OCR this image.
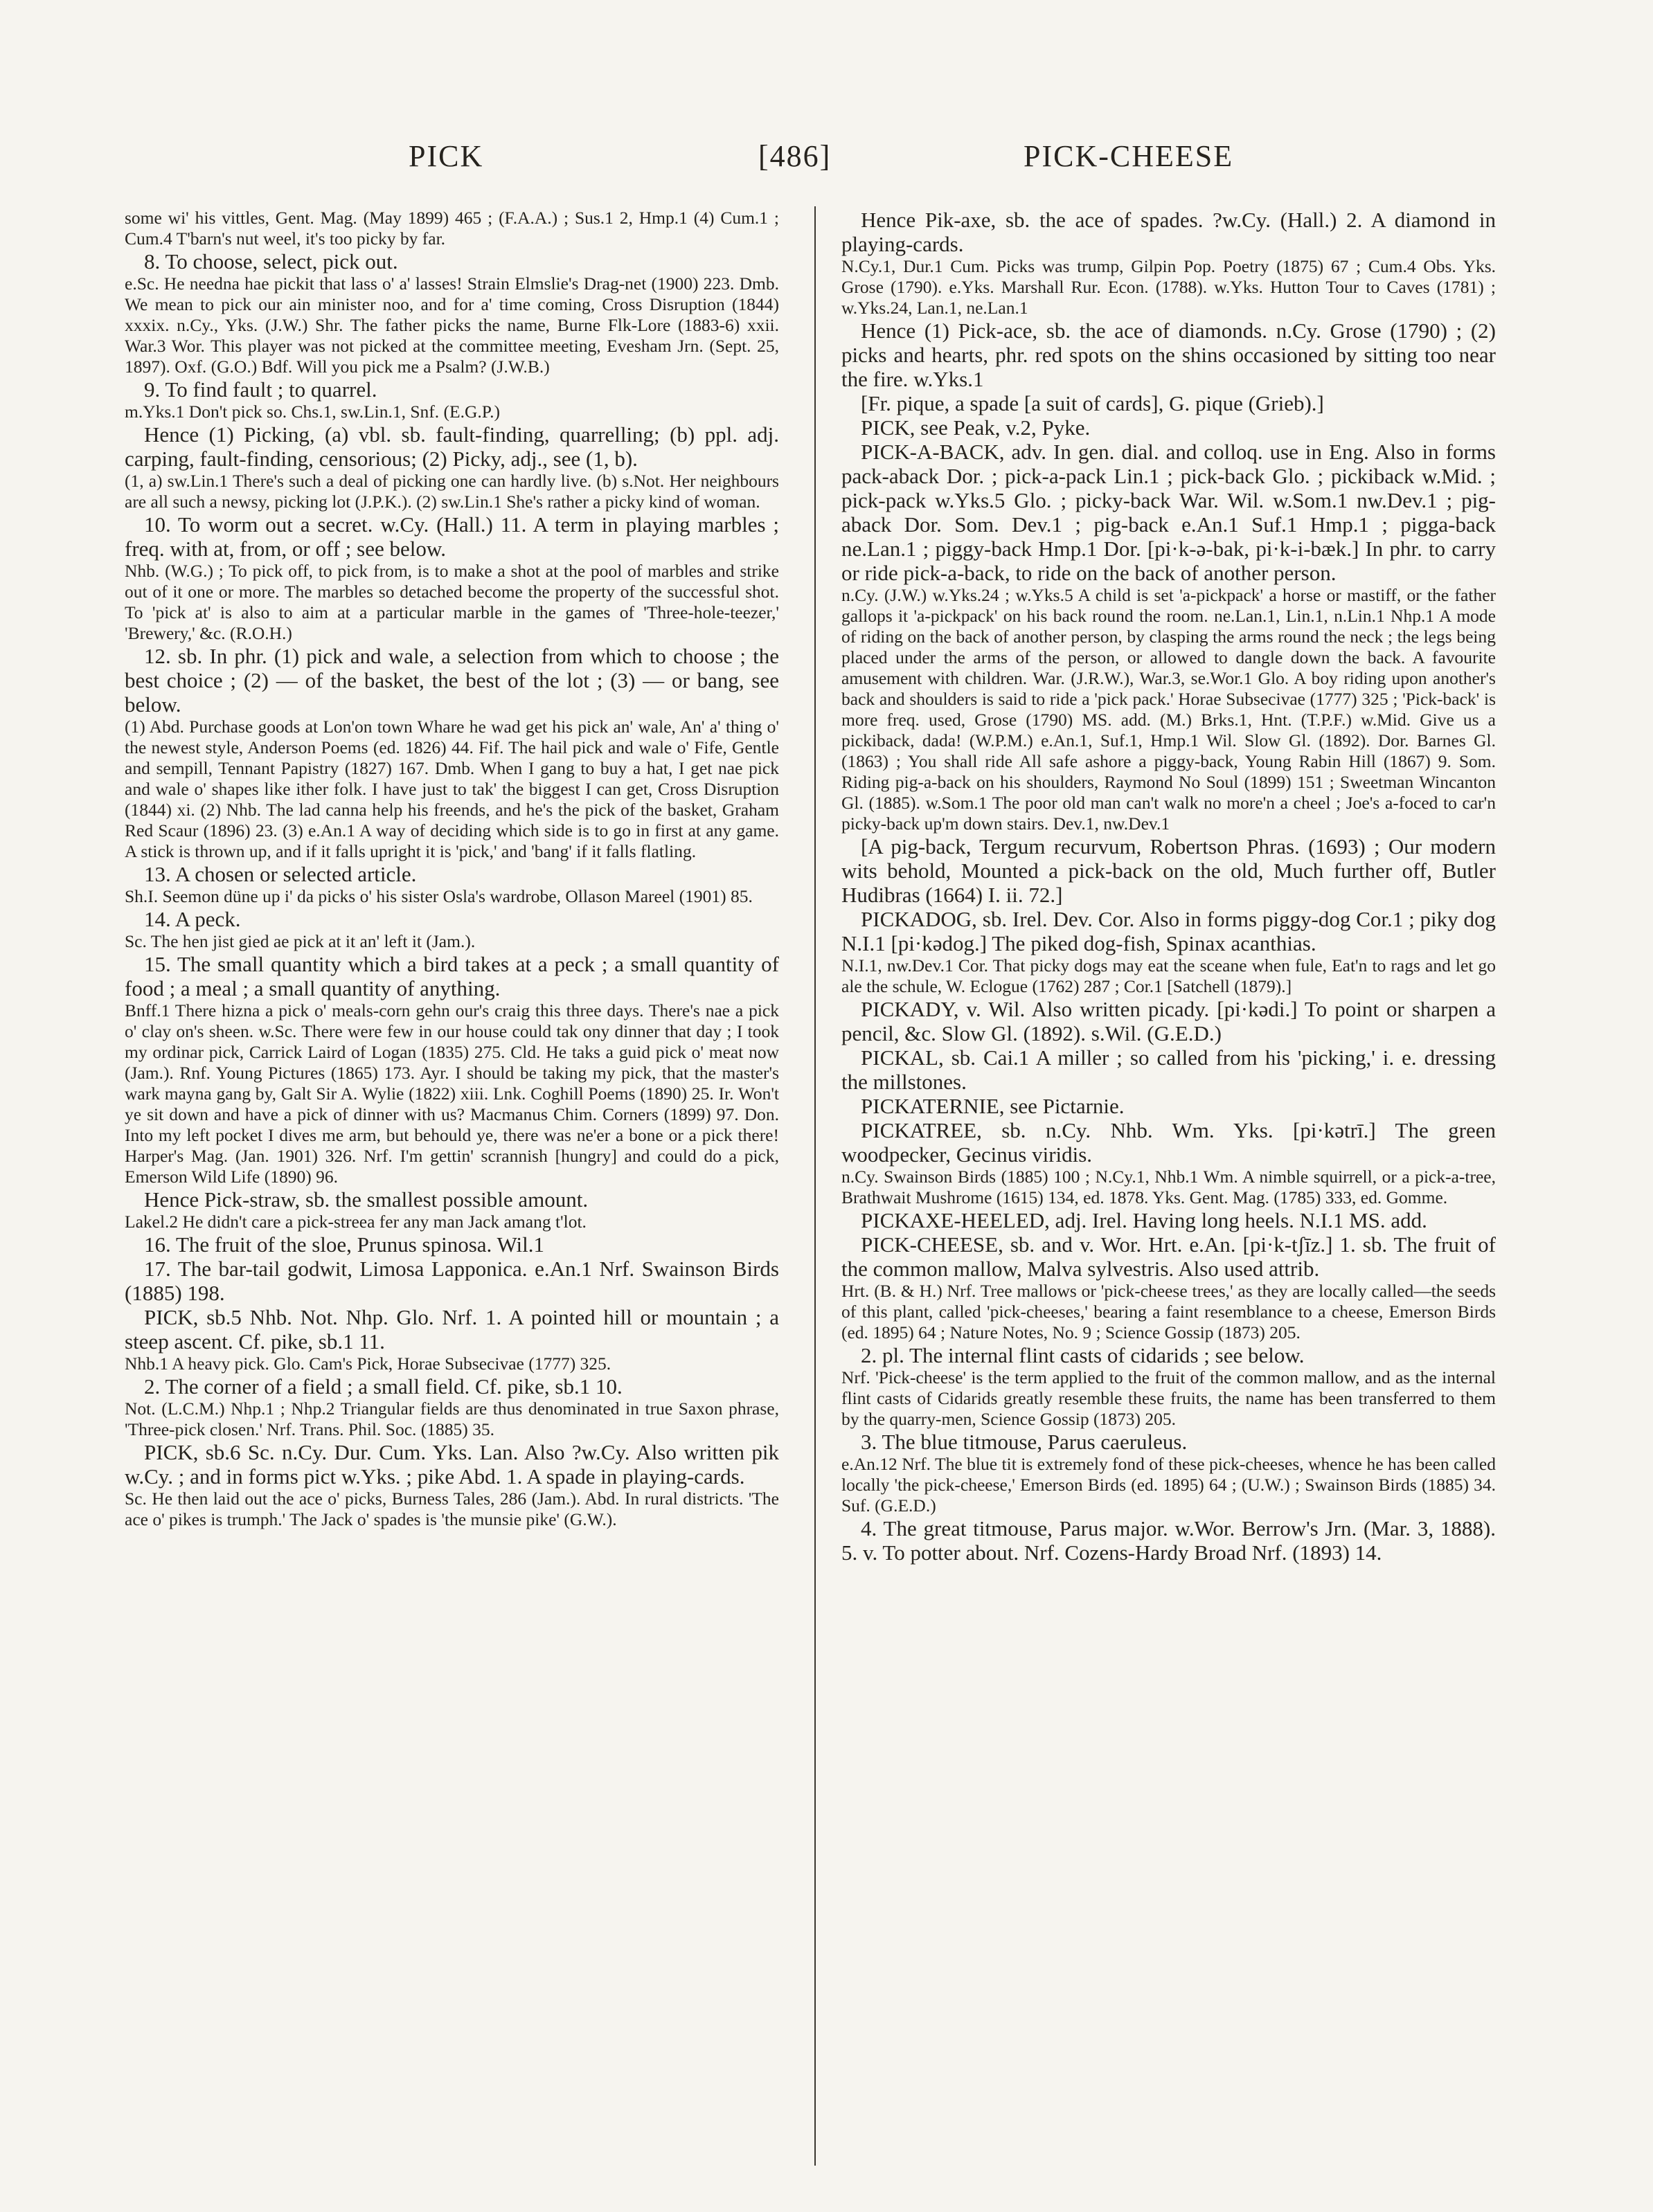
PICK	[486]	PICK-CHEESE

some wi' his vittles, Gent. Mag. (May 1899) 465 ; (F.A.A.) ; Sus.1 2, Hmp.1 (4) Cum.1 ; Cum.4 T'barn's nut weel, it's too picky by far.

8. To choose, select, pick out.

e.Sc. He needna hae pickit that lass o' a' lasses! Strain Elmslie's Drag-net (1900) 223. Dmb. We mean to pick our ain minister noo, and for a' time coming, Cross Disruption (1844) xxxix. n.Cy., Yks. (J.W.) Shr. The father picks the name, Burne Flk-Lore (1883-6) xxii. War.3 Wor. This player was not picked at the committee meeting, Evesham Jrn. (Sept. 25, 1897). Oxf. (G.O.) Bdf. Will you pick me a Psalm? (J.W.B.)

9. To find fault ; to quarrel.

m.Yks.1 Don't pick so. Chs.1, sw.Lin.1, Snf. (E.G.P.)

Hence (1) Picking, (a) vbl. sb. fault-finding, quarrelling; (b) ppl. adj. carping, fault-finding, censorious; (2) Picky, adj., see (1, b).

(1, a) sw.Lin.1 There's such a deal of picking one can hardly live. (b) s.Not. Her neighbours are all such a newsy, picking lot (J.P.K.). (2) sw.Lin.1 She's rather a picky kind of woman.

10. To worm out a secret. w.Cy. (Hall.) 11. A term in playing marbles ; freq. with at, from, or off ; see below.

Nhb. (W.G.) ; To pick off, to pick from, is to make a shot at the pool of marbles and strike out of it one or more. The marbles so detached become the property of the successful shot. To 'pick at' is also to aim at a particular marble in the games of 'Three-hole-teezer,' 'Brewery,' &c. (R.O.H.)

12. sb. In phr. (1) pick and wale, a selection from which to choose ; the best choice ; (2) — of the basket, the best of the lot ; (3) — or bang, see below.

(1) Abd. Purchase goods at Lon'on town Whare he wad get his pick an' wale, An' a' thing o' the newest style, Anderson Poems (ed. 1826) 44. Fif. The hail pick and wale o' Fife, Gentle and sempill, Tennant Papistry (1827) 167. Dmb. When I gang to buy a hat, I get nae pick and wale o' shapes like ither folk. I have just to tak' the biggest I can get, Cross Disruption (1844) xi. (2) Nhb. The lad canna help his freends, and he's the pick of the basket, Graham Red Scaur (1896) 23. (3) e.An.1 A way of deciding which side is to go in first at any game. A stick is thrown up, and if it falls upright it is 'pick,' and 'bang' if it falls flatling.

13. A chosen or selected article.

Sh.I. Seemon düne up i' da picks o' his sister Osla's wardrobe, Ollason Mareel (1901) 85.

14. A peck.

Sc. The hen jist gied ae pick at it an' left it (Jam.).

15. The small quantity which a bird takes at a peck ; a small quantity of food ; a meal ; a small quantity of anything.

Bnff.1 There hizna a pick o' meals-corn gehn our's craig this three days. There's nae a pick o' clay on's sheen. w.Sc. There were few in our house could tak ony dinner that day ; I took my ordinar pick, Carrick Laird of Logan (1835) 275. Cld. He taks a guid pick o' meat now (Jam.). Rnf. Young Pictures (1865) 173. Ayr. I should be taking my pick, that the master's wark mayna gang by, Galt Sir A. Wylie (1822) xiii. Lnk. Coghill Poems (1890) 25. Ir. Won't ye sit down and have a pick of dinner with us? Macmanus Chim. Corners (1899) 97. Don. Into my left pocket I dives me arm, but behould ye, there was ne'er a bone or a pick there! Harper's Mag. (Jan. 1901) 326. Nrf. I'm gettin' scrannish [hungry] and could do a pick, Emerson Wild Life (1890) 96.

Hence Pick-straw, sb. the smallest possible amount.

Lakel.2 He didn't care a pick-streea fer any man Jack amang t'lot.

16. The fruit of the sloe, Prunus spinosa. Wil.1

17. The bar-tail godwit, Limosa Lapponica. e.An.1 Nrf. Swainson Birds (1885) 198.

PICK, sb.5 Nhb. Not. Nhp. Glo. Nrf. 1. A pointed hill or mountain ; a steep ascent. Cf. pike, sb.1 11.

Nhb.1 A heavy pick. Glo. Cam's Pick, Horae Subsecivae (1777) 325.

2. The corner of a field ; a small field. Cf. pike, sb.1 10.

Not. (L.C.M.) Nhp.1 ; Nhp.2 Triangular fields are thus denominated in true Saxon phrase, 'Three-pick closen.' Nrf. Trans. Phil. Soc. (1885) 35.

PICK, sb.6 Sc. n.Cy. Dur. Cum. Yks. Lan. Also ?w.Cy. Also written pik w.Cy. ; and in forms pict w.Yks. ; pike Abd. 1. A spade in playing-cards.

Sc. He then laid out the ace o' picks, Burness Tales, 286 (Jam.). Abd. In rural districts. 'The ace o' pikes is trumph.' The Jack o' spades is 'the munsie pike' (G.W.).

Hence Pik-axe, sb. the ace of spades. ?w.Cy. (Hall.) 2. A diamond in playing-cards.

N.Cy.1, Dur.1 Cum. Picks was trump, Gilpin Pop. Poetry (1875) 67 ; Cum.4 Obs. Yks. Grose (1790). e.Yks. Marshall Rur. Econ. (1788). w.Yks. Hutton Tour to Caves (1781) ; w.Yks.24, Lan.1, ne.Lan.1

Hence (1) Pick-ace, sb. the ace of diamonds. n.Cy. Grose (1790) ; (2) picks and hearts, phr. red spots on the shins occasioned by sitting too near the fire. w.Yks.1

[Fr. pique, a spade [a suit of cards], G. pique (Grieb).]

PICK, see Peak, v.2, Pyke.

PICK-A-BACK, adv. In gen. dial. and colloq. use in Eng. Also in forms pack-aback Dor. ; pick-a-pack Lin.1 ; pick-back Glo. ; pickiback w.Mid. ; pick-pack w.Yks.5 Glo. ; picky-back War. Wil. w.Som.1 nw.Dev.1 ; pig-aback Dor. Som. Dev.1 ; pig-back e.An.1 Suf.1 Hmp.1 ; pigga-back ne.Lan.1 ; piggy-back Hmp.1 Dor. [pi·k-ə-bak, pi·k-i-bæk.] In phr. to carry or ride pick-a-back, to ride on the back of another person.

n.Cy. (J.W.) w.Yks.24 ; w.Yks.5 A child is set 'a-pickpack' a horse or mastiff, or the father gallops it 'a-pickpack' on his back round the room. ne.Lan.1, Lin.1, n.Lin.1 Nhp.1 A mode of riding on the back of another person, by clasping the arms round the neck ; the legs being placed under the arms of the person, or allowed to dangle down the back. A favourite amusement with children. War. (J.R.W.), War.3, se.Wor.1 Glo. A boy riding upon another's back and shoulders is said to ride a 'pick pack.' Horae Subsecivae (1777) 325 ; 'Pick-back' is more freq. used, Grose (1790) MS. add. (M.) Brks.1, Hnt. (T.P.F.) w.Mid. Give us a pickiback, dada! (W.P.M.) e.An.1, Suf.1, Hmp.1 Wil. Slow Gl. (1892). Dor. Barnes Gl. (1863) ; You shall ride All safe ashore a piggy-back, Young Rabin Hill (1867) 9. Som. Riding pig-a-back on his shoulders, Raymond No Soul (1899) 151 ; Sweetman Wincanton Gl. (1885). w.Som.1 The poor old man can't walk no more'n a cheel ; Joe's a-foced to car'n picky-back up'm down stairs. Dev.1, nw.Dev.1

[A pig-back, Tergum recurvum, Robertson Phras. (1693) ; Our modern wits behold, Mounted a pick-back on the old, Much further off, Butler Hudibras (1664) I. ii. 72.]

PICKADOG, sb. Irel. Dev. Cor. Also in forms piggy-dog Cor.1 ; piky dog N.I.1 [pi·kədog.] The piked dog-fish, Spinax acanthias.

N.I.1, nw.Dev.1 Cor. That picky dogs may eat the sceane when fule, Eat'n to rags and let go ale the schule, W. Eclogue (1762) 287 ; Cor.1 [Satchell (1879).]

PICKADY, v. Wil. Also written picady. [pi·kədi.] To point or sharpen a pencil, &c. Slow Gl. (1892). s.Wil. (G.E.D.)

PICKAL, sb. Cai.1 A miller ; so called from his 'picking,' i. e. dressing the millstones.

PICKATERNIE, see Pictarnie.

PICKATREE, sb. n.Cy. Nhb. Wm. Yks. [pi·kətrī.] The green woodpecker, Gecinus viridis.

n.Cy. Swainson Birds (1885) 100 ; N.Cy.1, Nhb.1 Wm. A nimble squirrell, or a pick-a-tree, Brathwait Mushrome (1615) 134, ed. 1878. Yks. Gent. Mag. (1785) 333, ed. Gomme.

PICKAXE-HEELED, adj. Irel. Having long heels. N.I.1 MS. add.

PICK-CHEESE, sb. and v. Wor. Hrt. e.An. [pi·k-tʃīz.] 1. sb. The fruit of the common mallow, Malva sylvestris. Also used attrib.

Hrt. (B. & H.) Nrf. Tree mallows or 'pick-cheese trees,' as they are locally called—the seeds of this plant, called 'pick-cheeses,' bearing a faint resemblance to a cheese, Emerson Birds (ed. 1895) 64 ; Nature Notes, No. 9 ; Science Gossip (1873) 205.

2. pl. The internal flint casts of cidarids ; see below.

Nrf. 'Pick-cheese' is the term applied to the fruit of the common mallow, and as the internal flint casts of Cidarids greatly resemble these fruits, the name has been transferred to them by the quarry-men, Science Gossip (1873) 205.

3. The blue titmouse, Parus caeruleus.

e.An.12 Nrf. The blue tit is extremely fond of these pick-cheeses, whence he has been called locally 'the pick-cheese,' Emerson Birds (ed. 1895) 64 ; (U.W.) ; Swainson Birds (1885) 34. Suf. (G.E.D.)

4. The great titmouse, Parus major. w.Wor. Berrow's Jrn. (Mar. 3, 1888). 5. v. To potter about. Nrf. Cozens-Hardy Broad Nrf. (1893) 14.
